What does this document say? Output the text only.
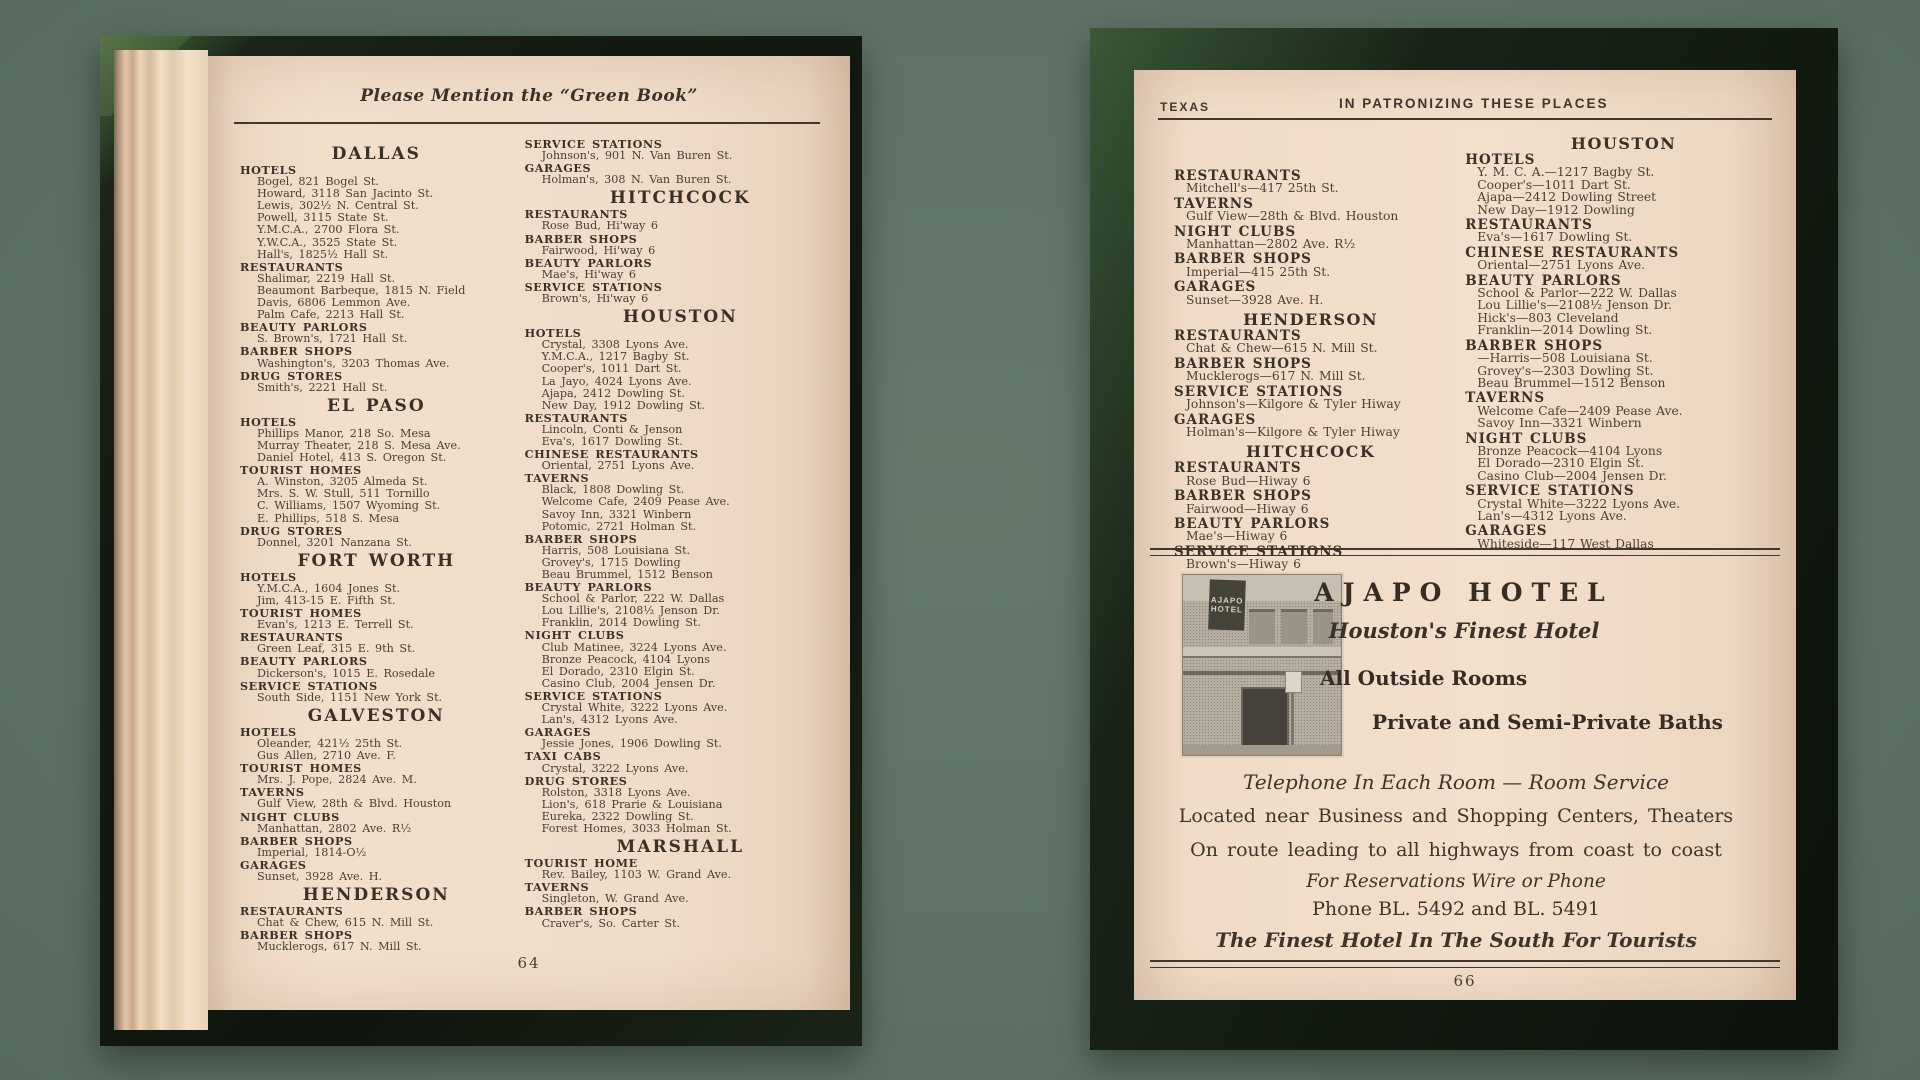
Please Mention the “Green Book”
DALLAS
HOTELS
Bogel, 821 Bogel St.
Howard, 3118 San Jacinto St.
Lewis, 302½ N. Central St.
Powell, 3115 State St.
Y.M.C.A., 2700 Flora St.
Y.W.C.A., 3525 State St.
Hall's, 1825½ Hall St.
RESTAURANTS
Shalimar, 2219 Hall St.
Beaumont Barbeque, 1815 N. Field
Davis, 6806 Lemmon Ave.
Palm Cafe, 2213 Hall St.
BEAUTY PARLORS
S. Brown's, 1721 Hall St.
BARBER SHOPS
Washington's, 3203 Thomas Ave.
DRUG STORES
Smith's, 2221 Hall St.
EL PASO
HOTELS
Phillips Manor, 218 So. Mesa
Murray Theater, 218 S. Mesa Ave.
Daniel Hotel, 413 S. Oregon St.
TOURIST HOMES
A. Winston, 3205 Almeda St.
Mrs. S. W. Stull, 511 Tornillo
C. Williams, 1507 Wyoming St.
E. Phillips, 518 S. Mesa
DRUG STORES
Donnel, 3201 Nanzana St.
FORT WORTH
HOTELS
Y.M.C.A., 1604 Jones St.
Jim, 413-15 E. Fifth St.
TOURIST HOMES
Evan's, 1213 E. Terrell St.
RESTAURANTS
Green Leaf, 315 E. 9th St.
BEAUTY PARLORS
Dickerson's, 1015 E. Rosedale
SERVICE STATIONS
South Side, 1151 New York St.
GALVESTON
HOTELS
Oleander, 421½ 25th St.
Gus Allen, 2710 Ave. F.
TOURIST HOMES
Mrs. J. Pope, 2824 Ave. M.
TAVERNS
Gulf View, 28th & Blvd. Houston
NIGHT CLUBS
Manhattan, 2802 Ave. R½
BARBER SHOPS
Imperial, 1814-O½
GARAGES
Sunset, 3928 Ave. H.
HENDERSON
RESTAURANTS
Chat & Chew, 615 N. Mill St.
BARBER SHOPS
Mucklerogs, 617 N. Mill St.
SERVICE STATIONS
Johnson's, 901 N. Van Buren St.
GARAGES
Holman's, 308 N. Van Buren St.
HITCHCOCK
RESTAURANTS
Rose Bud, Hi'way 6
BARBER SHOPS
Fairwood, Hi'way 6
BEAUTY PARLORS
Mae's, Hi'way 6
SERVICE STATIONS
Brown's, Hi'way 6
HOUSTON
HOTELS
Crystal, 3308 Lyons Ave.
Y.M.C.A., 1217 Bagby St.
Cooper's, 1011 Dart St.
La Jayo, 4024 Lyons Ave.
Ajapa, 2412 Dowling St.
New Day, 1912 Dowling St.
RESTAURANTS
Lincoln, Conti & Jenson
Eva's, 1617 Dowling St.
CHINESE RESTAURANTS
Oriental, 2751 Lyons Ave.
TAVERNS
Black, 1808 Dowling St.
Welcome Cafe, 2409 Pease Ave.
Savoy Inn, 3321 Winbern
Potomic, 2721 Holman St.
BARBER SHOPS
Harris, 508 Louisiana St.
Grovey's, 1715 Dowling
Beau Brummel, 1512 Benson
BEAUTY PARLORS
School & Parlor, 222 W. Dallas
Lou Lillie's, 2108½ Jenson Dr.
Franklin, 2014 Dowling St.
NIGHT CLUBS
Club Matinee, 3224 Lyons Ave.
Bronze Peacock, 4104 Lyons
El Dorado, 2310 Elgin St.
Casino Club, 2004 Jensen Dr.
SERVICE STATIONS
Crystal White, 3222 Lyons Ave.
Lan's, 4312 Lyons Ave.
GARAGES
Jessie Jones, 1906 Dowling St.
TAXI CABS
Crystal, 3222 Lyons Ave.
DRUG STORES
Rolston, 3318 Lyons Ave.
Lion's, 618 Prarie & Louisiana
Eureka, 2322 Dowling St.
Forest Homes, 3033 Holman St.
MARSHALL
TOURIST HOME
Rev. Bailey, 1103 W. Grand Ave.
TAVERNS
Singleton, W. Grand Ave.
BARBER SHOPS
Craver's, So. Carter St.
64
TEXAS	IN PATRONIZING THESE PLACES
RESTAURANTS
Mitchell's—417 25th St.
TAVERNS
Gulf View—28th & Blvd. Houston
NIGHT CLUBS
Manhattan—2802 Ave. R½
BARBER SHOPS
Imperial—415 25th St.
GARAGES
Sunset—3928 Ave. H.
HENDERSON
RESTAURANTS
Chat & Chew—615 N. Mill St.
BARBER SHOPS
Mucklerogs—617 N. Mill St.
SERVICE STATIONS
Johnson's—Kilgore & Tyler Hiway
GARAGES
Holman's—Kilgore & Tyler Hiway
HITCHCOCK
RESTAURANTS
Rose Bud—Hiway 6
BARBER SHOPS
Fairwood—Hiway 6
BEAUTY PARLORS
Mae's—Hiway 6
SERVICE STATIONS
Brown's—Hiway 6
HOUSTON
HOTELS
Y. M. C. A.—1217 Bagby St.
Cooper's—1011 Dart St.
Ajapa—2412 Dowling Street
New Day—1912 Dowling
RESTAURANTS
Eva's—1617 Dowling St.
CHINESE RESTAURANTS
Oriental—2751 Lyons Ave.
BEAUTY PARLORS
School & Parlor—222 W. Dallas
Lou Lillie's—2108½ Jenson Dr.
Hick's—803 Cleveland
Franklin—2014 Dowling St.
BARBER SHOPS
—Harris—508 Louisiana St.
Grovey's—2303 Dowling St.
Beau Brummel—1512 Benson
TAVERNS
Welcome Cafe—2409 Pease Ave.
Savoy Inn—3321 Winbern
NIGHT CLUBS
Bronze Peacock—4104 Lyons
El Dorado—2310 Elgin St.
Casino Club—2004 Jensen Dr.
SERVICE STATIONS
Crystal White—3222 Lyons Ave.
Lan's—4312 Lyons Ave.
GARAGES
Whiteside—117 West Dallas
AJAPO
HOTEL
AJAPO HOTEL
Houston's Finest Hotel
All Outside Rooms
Private and Semi-Private Baths
Telephone In Each Room — Room Service
Located near Business and Shopping Centers, Theaters
On route leading to all highways from coast to coast
For Reservations Wire or Phone
Phone BL. 5492 and BL. 5491
The Finest Hotel In The South For Tourists
66
